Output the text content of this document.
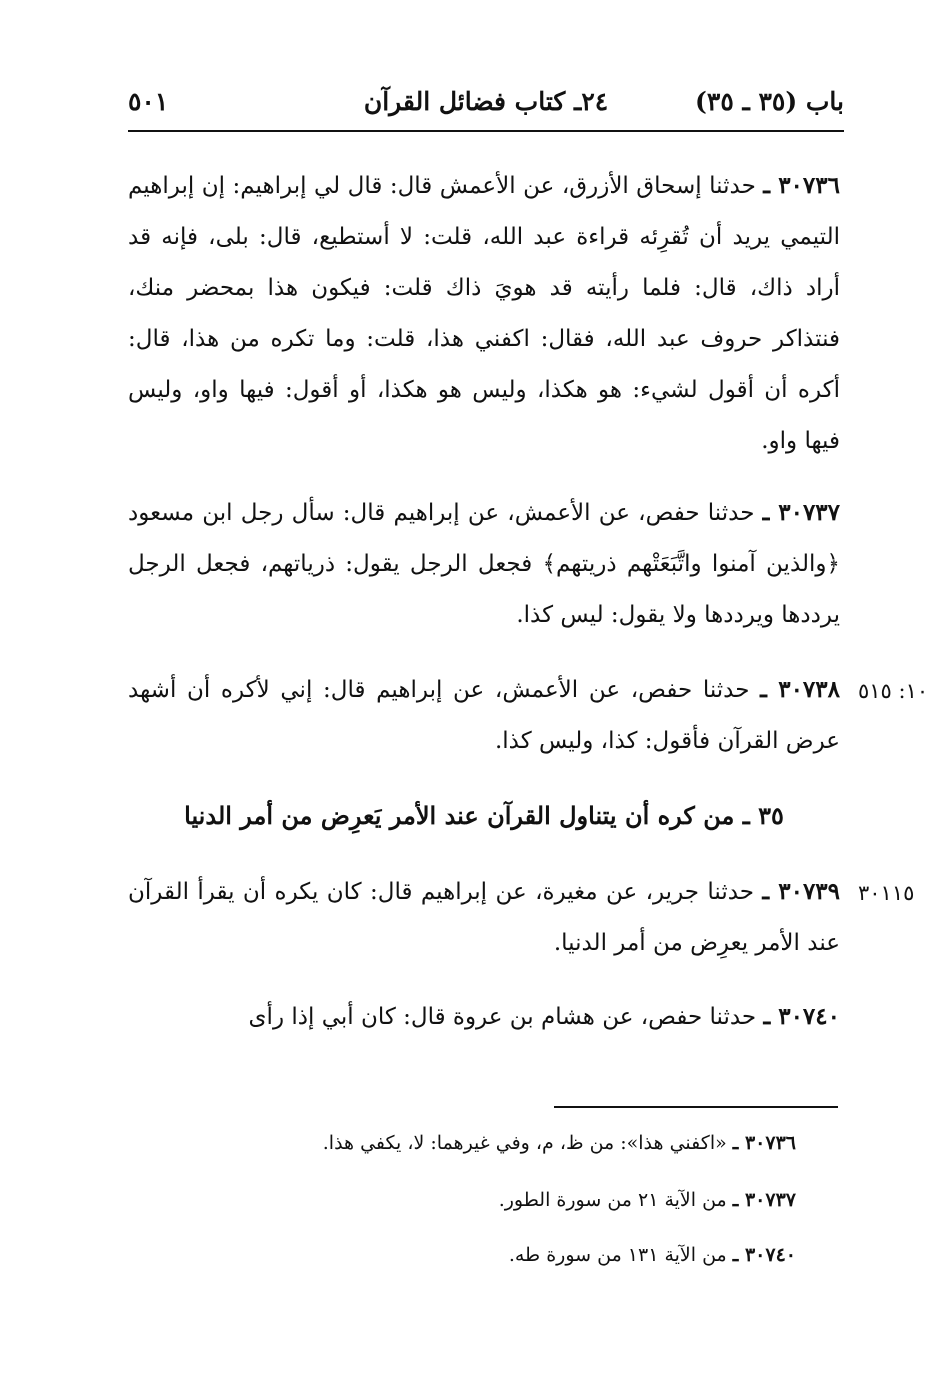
باب (٣٥ ـ ٣٥)
٢٤ـ كتاب فضائل القرآن
٥٠١
٣٠٧٣٦ ـ حدثنا إسحاق الأزرق، عن الأعمش قال: قال لي إبراهيم: إن إبراهيم التيمي يريد أن تُقرِئه قراءة عبد الله، قلت: لا أستطيع، قال: بلى، فإنه قد أراد ذاك، قال: فلما رأيته قد هويَ ذاك قلت: فيكون هذا بمحضر منك، فنتذاكر حروف عبد الله، فقال: اكفني هذا، قلت: وما تكره من هذا، قال: أكره أن أقول لشيء: هو هكذا، وليس هو هكذا، أو أقول: فيها واو، وليس فيها واو.
٣٠٧٣٧ ـ حدثنا حفص، عن الأعمش، عن إبراهيم قال: سأل رجل ابن مسعود ﴿والذين آمنوا واتَّبَعَتْهم ذريتهم﴾ فجعل الرجل يقول: ذرياتهم، فجعل الرجل يرددها ويرددها ولا يقول: ليس كذا.
١٠: ٥١٥
٣٠٧٣٨ ـ حدثنا حفص، عن الأعمش، عن إبراهيم قال: إني لأكره أن أشهد عرض القرآن فأقول: كذا، وليس كذا.
٣٥ ـ من كره أن يتناول القرآن عند الأمر يَعرِض من أمر الدنيا
٣٠١١٥
٣٠٧٣٩ ـ حدثنا جرير، عن مغيرة، عن إبراهيم قال: كان يكره أن يقرأ القرآن عند الأمر يعرِض من أمر الدنيا.
٣٠٧٤٠ ـ حدثنا حفص، عن هشام بن عروة قال: كان أبي إذا رأى
٣٠٧٣٦ ـ «اكفني هذا»: من ظ، م، وفي غيرهما: لا، يكفي هذا.
٣٠٧٣٧ ـ من الآية ٢١ من سورة الطور.
٣٠٧٤٠ ـ من الآية ١٣١ من سورة طه.
